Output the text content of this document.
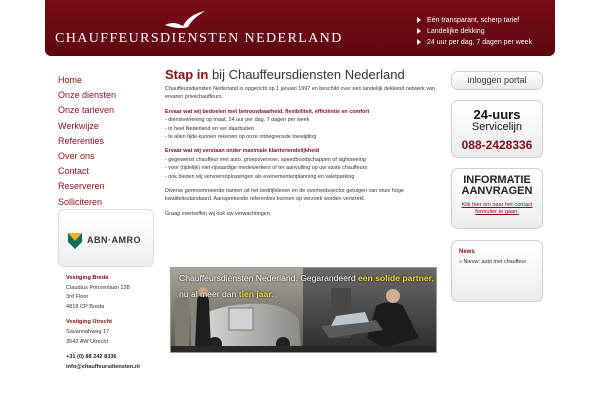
CHAUFFEURSDIENSTEN NEDERLAND
Eén transparant, scherp tarief
Landelijke dekking
24 uur per dag, 7 dagen per week
Home
Onze diensten
Onze tarieven
Werkwijze
Referenties
Over ons
Contact
Reserveren
Solliciteren
ABN·AMRO
Vestiging Breda
Claudius Prinsenlaan 128
3rd Floor
4818 CP Breda
Vestiging Utrecht
Savannahweg 17
3542 AW Utrecht
+31 (0) 88 242 8336
info@chauffeursdiensten.nl
Stap in bij Chauffeursdiensten Nederland

Chauffeursdiensten Nederland is opgericht op 1 januari 1997 en beschikt over een landelijk dekkend netwerk van ervaren privéchauffeurs.

Ervaar wat wij bedoelen met betrouwbaarheid, flexibiliteit, efficiëntie en comfort

- dienstverlening op maat, 24 uur per dag, 7 dagen per week

- in heel Nederland en ver daarbuiten

- te allen tijde kunnen rekenen op onze onbegrensde toewijding

Ervaar wat wij verstaan onder maximale klantvriendelijkheid

- gegewenst chauffeur met auto, groepsvervoer, speedboodschappen of sightseeing

- voor (tijdelijk) niet-rijvaardige medewerkers of ter aanvulling op uw vaste chauffeurs

- ook bieden wij vervoersoplossingen als evenementenplanning en valetparking

Diverse gerenommeerde namen uit het bedrijfsleven en de overheidssector getuigen van onze hoge kwaliteitsstandaard. Aansprekende referenties kunnen op verzoek worden verstrekt.

Graag overtreffen wij ook uw verwachtingen.

Chauffeursdiensten Nederland. Gegarandeerd een solide partner,
nu al meer dan tien jaar.
inloggen portal
24-uurs
Servicelijn
088-2428336
INFORMATIE
AANVRAGEN
Klik hier om naar het contact formulier te gaan.
News
» Nieuw: auto met chauffeur
